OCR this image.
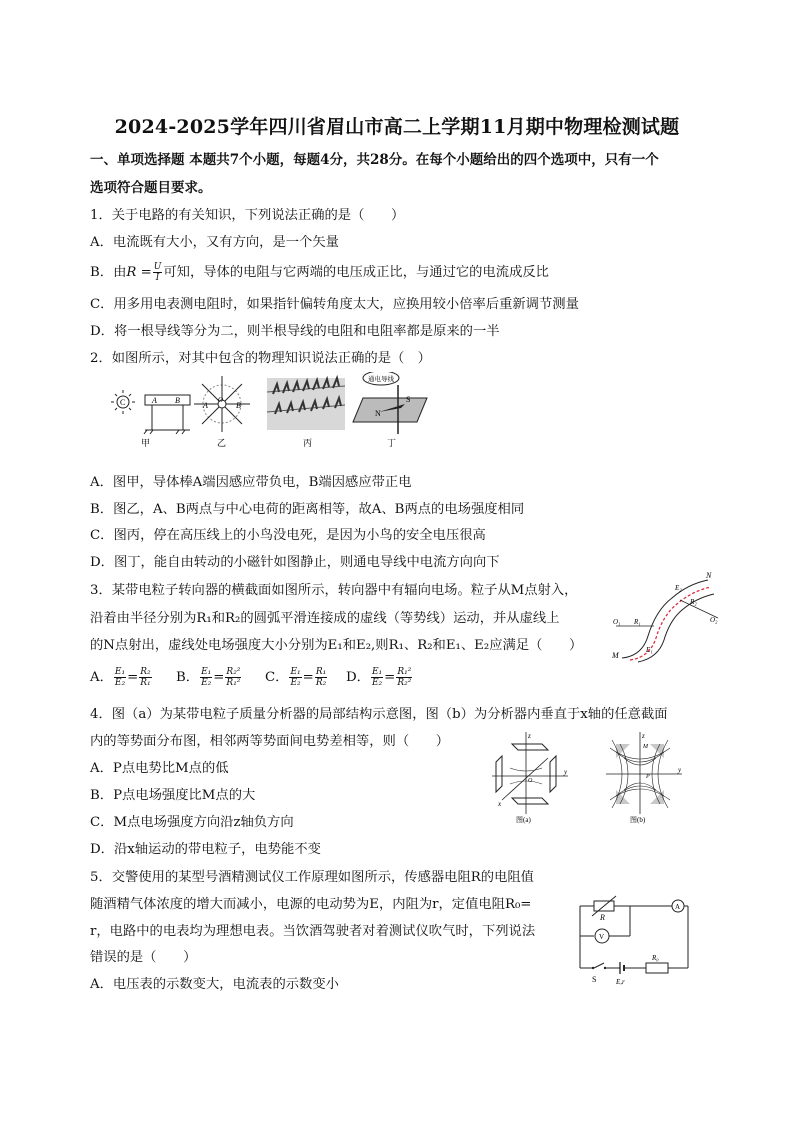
2024-2025学年四川省眉山市高二上学期11月期中物理检测试题
一、单项选择题 本题共7个小题，每题4分，共28分。在每个小题给出的四个选项中，只有一个
选项符合题目要求。
1．关于电路的有关知识，下列说法正确的是（　　）
A．电流既有大小，又有方向，是一个矢量
B．由$R = \frac{U}{I}$ 可知，导体的电阻与它两端的电压成正比，与通过它的电流成反比
C．用多用电表测电阻时，如果指针偏转角度太大，应换用较小倍率后重新调节测量
D．将一根导线等分为二，则半根导线的电阻和电阻率都是原来的一半
2．如图所示，对其中包含的物理知识说法正确的是（　）
C	A B
甲
O
A	B
乙	丙
通电导线
N
S
丁
A．图甲，导体棒A端因感应带负电，B端因感应带正电
B．图乙，A、B两点与中心电荷的距离相等，故A、B两点的电场强度相同
C．图丙，停在高压线上的小鸟没电死，是因为小鸟的安全电压很高
D．图丁，能自由转动的小磁针如图静止，则通电导线中电流方向向下
3．某带电粒子转向器的横截面如图所示，转向器中有辐向电场。粒子从M点射入，
沿着由半径分别为R₁和R₂的圆弧平滑连接成的虚线（等势线）运动，并从虚线上
的N点射出，虚线处电场强度大小分别为E₁和E₂,则R₁、R₂和E₁、E₂应满足（　　）
A． $\frac{\text{E₁}}{\text{E₂}} = \frac{\text{R₂}}{\text{R₁}}$ B． $\frac{\text{E₁}}{\text{E₂}} = \frac{\text{R₂²}}{\text{R₁²}}$ C． $\frac{\text{E₁}}{\text{E₂}} = \frac{\text{R₁}}{\text{R₂}}$ D． $\frac{\text{E₁}}{\text{E₂}} = \frac{\text{R₁²}}{\text{R₂²}}$
N
M
O₁	O₂
R₁
R₂
E₂
E₁
4．图（a）为某带电粒子质量分析器的局部结构示意图，图（b）为分析器内垂直于x轴的任意截面
内的等势面分布图，相邻两等势面间电势差相等，则（　　）
A．P点电势比M点的低
B．P点电场强度比M点的大
C．M点电场强度方向沿z轴负方向
D．沿x轴运动的带电粒子，电势能不变
z
y
x
O
图(a)
z
y
M
P
图(b)
5．交警使用的某型号酒精测试仪工作原理如图所示，传感器电阻R的电阻值
随酒精气体浓度的增大而减小，电源的电动势为E，内阻为r，定值电阻R₀=
r，电路中的电表均为理想电表。当饮酒驾驶者对着测试仪吹气时，下列说法
错误的是（　　）
A．电压表的示数变大，电流表的示数变小
R
A
V
S	E,r
R₀
